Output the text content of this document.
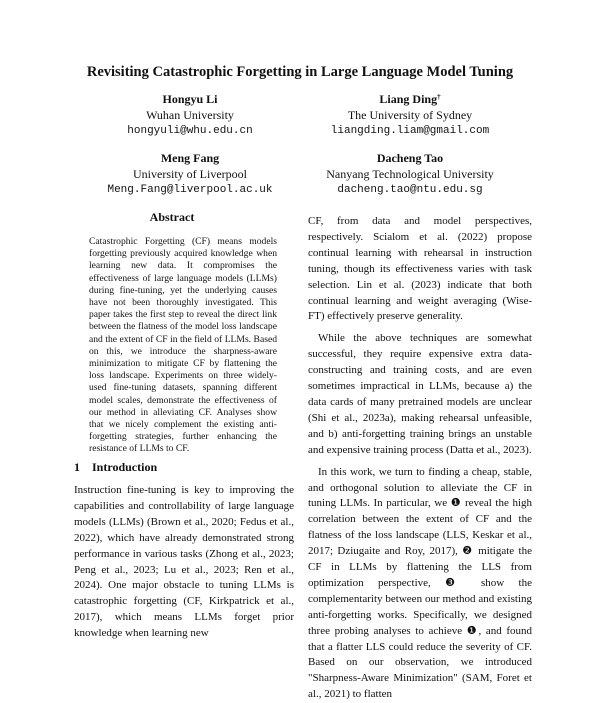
Revisiting Catastrophic Forgetting in Large Language Model Tuning
Hongyu Li
Wuhan University
hongyuli@whu.edu.cn
Liang Ding†
The University of Sydney
liangding.liam@gmail.com
Meng Fang
University of Liverpool
Meng.Fang@liverpool.ac.uk
Dacheng Tao
Nanyang Technological University
dacheng.tao@ntu.edu.sg
Abstract

Catastrophic Forgetting (CF) means models forgetting previously acquired knowledge when learning new data. It compromises the effectiveness of large language models (LLMs) during fine-tuning, yet the underlying causes have not been thoroughly investigated. This paper takes the first step to reveal the direct link between the flatness of the model loss landscape and the extent of CF in the field of LLMs. Based on this, we introduce the sharpness-aware minimization to mitigate CF by flattening the loss landscape. Experiments on three widely-used fine-tuning datasets, spanning different model scales, demonstrate the effectiveness of our method in alleviating CF. Analyses show that we nicely complement the existing anti-forgetting strategies, further enhancing the resistance of LLMs to CF.

1 Introduction

Instruction fine-tuning is key to improving the capabilities and controllability of large language models (LLMs) (Brown et al., 2020; Fedus et al., 2022), which have already demonstrated strong performance in various tasks (Zhong et al., 2023; Peng et al., 2023; Lu et al., 2023; Ren et al., 2024). One major obstacle to tuning LLMs is catastrophic forgetting (CF, Kirkpatrick et al., 2017), which means LLMs forget prior knowledge when learning new

CF, from data and model perspectives, respectively. Scialom et al. (2022) propose continual learning with rehearsal in instruction tuning, though its effectiveness varies with task selection. Lin et al. (2023) indicate that both continual learning and weight averaging (Wise-FT) effectively preserve generality.

While the above techniques are somewhat successful, they require expensive extra data-constructing and training costs, and are even sometimes impractical in LLMs, because a) the data cards of many pretrained models are unclear (Shi et al., 2023a), making rehearsal unfeasible, and b) anti-forgetting training brings an unstable and expensive training process (Datta et al., 2023).

In this work, we turn to finding a cheap, stable, and orthogonal solution to alleviate the CF in tuning LLMs. In particular, we ❶ reveal the high correlation between the extent of CF and the flatness of the loss landscape (LLS, Keskar et al., 2017; Dziugaite and Roy, 2017), ❷ mitigate the CF in LLMs by flattening the LLS from optimization perspective, ❸ show the complementarity between our method and existing anti-forgetting works. Specifically, we designed three probing analyses to achieve ❶, and found that a flatter LLS could reduce the severity of CF. Based on our observation, we introduced "Sharpness-Aware Minimization" (SAM, Foret et al., 2021) to flatten
